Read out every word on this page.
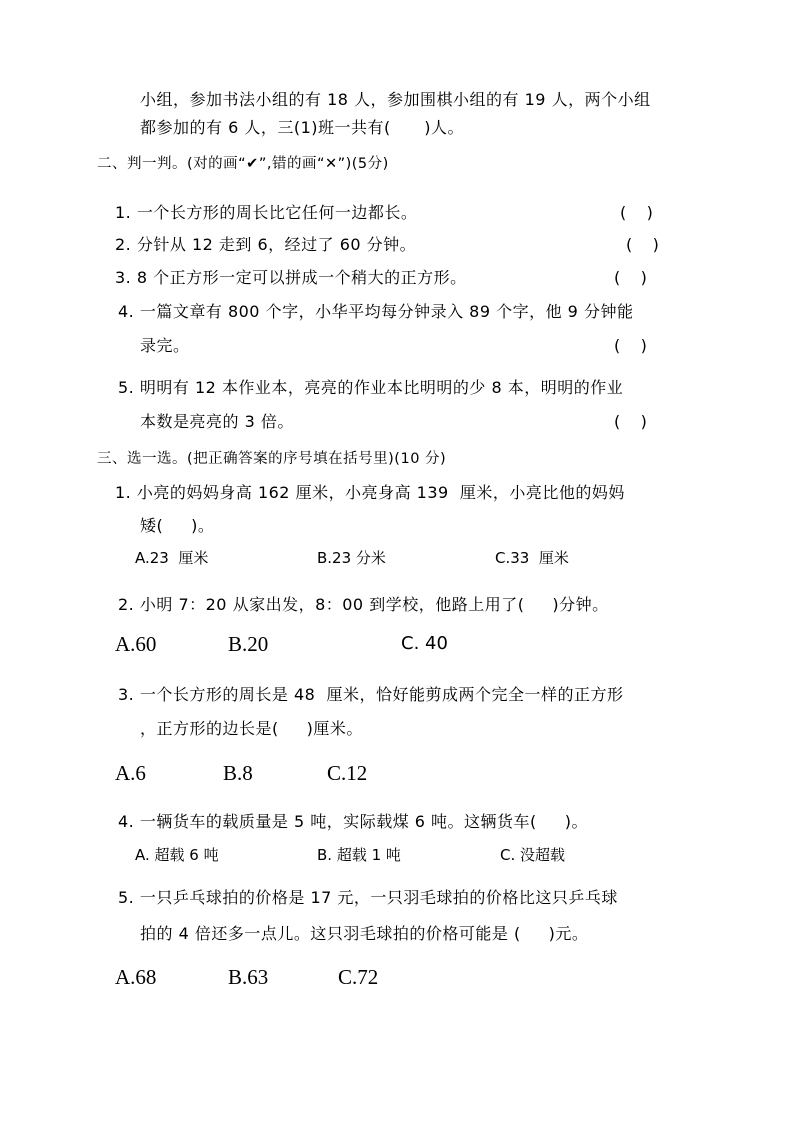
小组，参加书法小组的有 18 人，参加围棋小组的有 19 人，两个小组
都参加的有 6 人，三(1)班一共有(      )人。
二、判一判。(对的画“✔”,错的画“✕”)(5分)
1. 一个长方形的周长比它任何一边都长。	(    )
2. 分针从 12 走到 6，经过了 60 分钟。	(    )
3. 8 个正方形一定可以拼成一个稍大的正方形。	(    )
4. 一篇文章有 800 个字，小华平均每分钟录入 89 个字，他 9 分钟能
录完。	(    )
5. 明明有 12 本作业本，亮亮的作业本比明明的少 8 本，明明的作业
本数是亮亮的 3 倍。	(    )
三、选一选。(把正确答案的序号填在括号里)(10 分)
1. 小亮的妈妈身高 162 厘米，小亮身高 139  厘米，小亮比他的妈妈
矮(     )。
A.23  厘米	B.23 分米	C.33  厘米
2. 小明 7：20 从家出发，8：00 到学校，他路上用了(     )分钟。
A.60	B.20	C. 40
3. 一个长方形的周长是 48  厘米，恰好能剪成两个完全一样的正方形
，正方形的边长是(     )厘米。
A.6	B.8	C.12
4. 一辆货车的载质量是 5 吨，实际载煤 6 吨。这辆货车(     )。
A. 超载 6 吨	B. 超载 1 吨	C. 没超载
5. 一只乒乓球拍的价格是 17 元，一只羽毛球拍的价格比这只乒乓球
拍的 4 倍还多一点儿。这只羽毛球拍的价格可能是 (     )元。
A.68	B.63	C.72
